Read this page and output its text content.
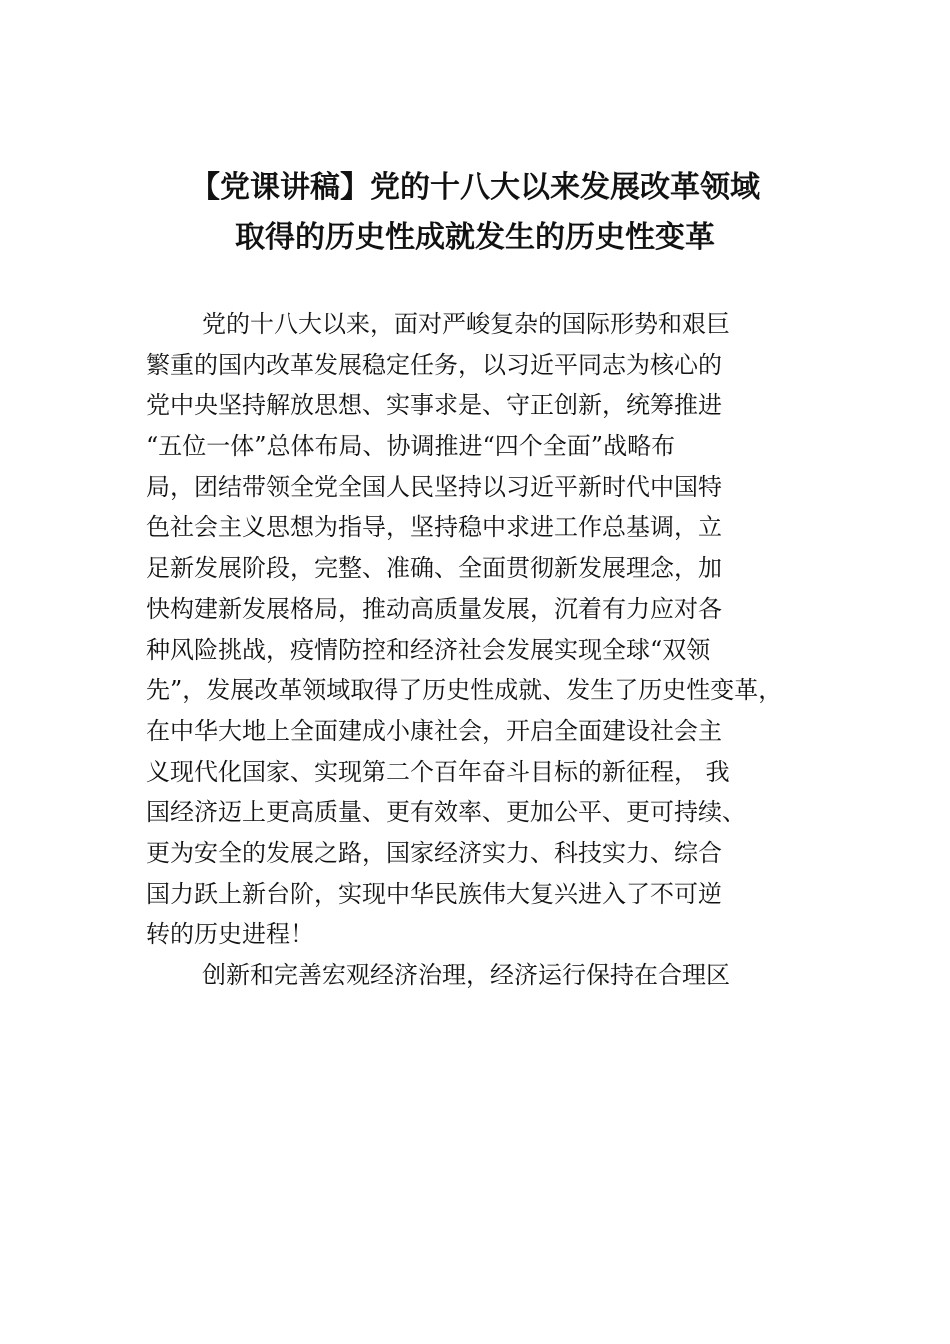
【党课讲稿】党的十八大以来发展改革领域
取得的历史性成就发生的历史性变革
党的十八大以来，面对严峻复杂的国际形势和艰巨
繁重的国内改革发展稳定任务，以习近平同志为核心的
党中央坚持解放思想、实事求是、守正创新，统筹推进
“五位一体”总体布局、协调推进“四个全面”战略布
局，团结带领全党全国人民坚持以习近平新时代中国特
色社会主义思想为指导，坚持稳中求进工作总基调，立
足新发展阶段，完整、准确、全面贯彻新发展理念，加
快构建新发展格局，推动高质量发展，沉着有力应对各
种风险挑战，疫情防控和经济社会发展实现全球“双领
先”，发展改革领域取得了历史性成就、发生了历史性变革，
在中华大地上全面建成小康社会，开启全面建设社会主
义现代化国家、实现第二个百年奋斗目标的新征程， 我
国经济迈上更高质量、更有效率、更加公平、更可持续、
更为安全的发展之路，国家经济实力、科技实力、综合
国力跃上新台阶，实现中华民族伟大复兴进入了不可逆
转的历史进程！
创新和完善宏观经济治理，经济运行保持在合理区
